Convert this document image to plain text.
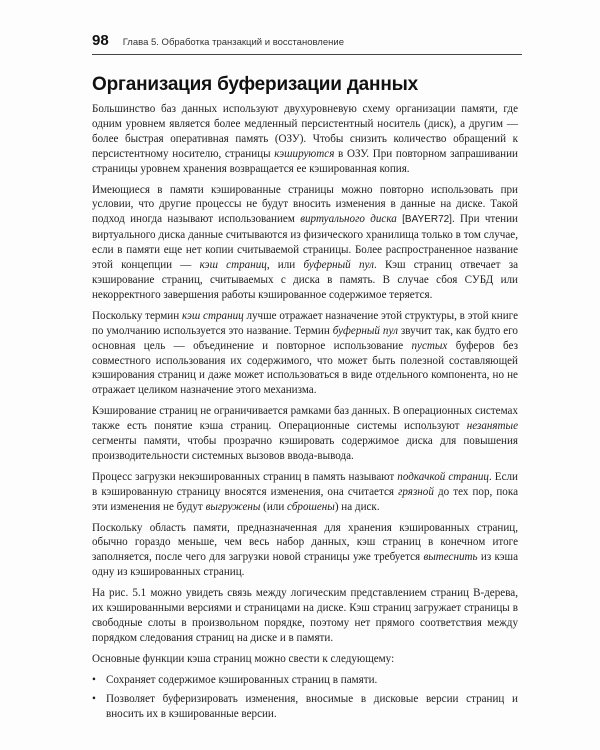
98 Глава 5. Обработка транзакций и восстановление
Организация буферизации данных

Большинство баз данных используют двухуровневую схему организации памяти, где одним уровнем является более медленный персистентный носитель (диск), а другим — более быстрая оперативная память (ОЗУ). Чтобы снизить количество обращений к персистентному носителю, страницы кэшируются в ОЗУ. При повторном запрашивании страницы уровнем хранения возвращается ее кэшированная копия.

Имеющиеся в памяти кэшированные страницы можно повторно использовать при условии, что другие процессы не будут вносить изменения в данные на диске. Такой подход иногда называют использованием виртуального диска [BAYER72]. При чтении виртуального диска данные считываются из физического хранилища только в том случае, если в памяти еще нет копии считываемой страницы. Более распространенное название этой концепции — кэш страниц, или буферный пул. Кэш страниц отвечает за кэширование страниц, считываемых с диска в память. В случае сбоя СУБД или некорректного завершения работы кэшированное содержимое теряется.

Поскольку термин кэш страниц лучше отражает назначение этой структуры, в этой книге по умолчанию используется это название. Термин буферный пул звучит так, как будто его основная цель — объединение и повторное использование пустых буферов без совместного использования их содержимого, что может быть полезной составляющей кэширования страниц и даже может использоваться в виде отдельного компонента, но не отражает целиком назначение этого механизма.

Кэширование страниц не ограничивается рамками баз данных. В операционных системах также есть понятие кэша страниц. Операционные системы используют незанятые сегменты памяти, чтобы прозрачно кэшировать содержимое диска для повышения производительности системных вызовов ввода-вывода.

Процесс загрузки некэшированных страниц в память называют подкачкой страниц. Если в кэшированную страницу вносятся изменения, она считается грязной до тех пор, пока эти изменения не будут выгружены (или сброшены) на диск.

Поскольку область памяти, предназначенная для хранения кэшированных страниц, обычно гораздо меньше, чем весь набор данных, кэш страниц в конечном итоге заполняется, после чего для загрузки новой страницы уже требуется вытеснить из кэша одну из кэшированных страниц.

На рис. 5.1 можно увидеть связь между логическим представлением страниц B-дерева, их кэшированными версиями и страницами на диске. Кэш страниц загружает страницы в свободные слоты в произвольном порядке, поэтому нет прямого соответствия между порядком следования страниц на диске и в памяти.

Основные функции кэша страниц можно свести к следующему:

• Сохраняет содержимое кэшированных страниц в памяти.
• Позволяет буферизировать изменения, вносимые в дисковые версии страниц и вносить их в кэшированные версии.
